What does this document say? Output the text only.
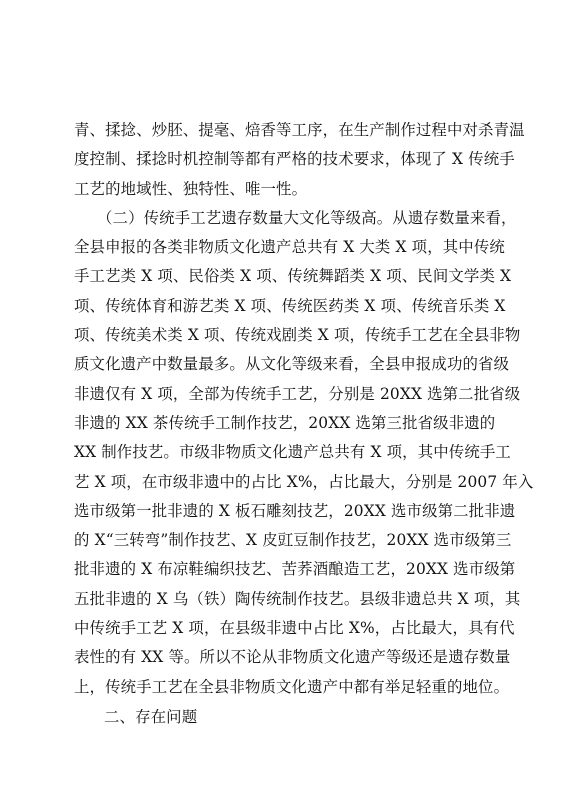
青、揉捻、炒胚、提毫、焙香等工序，在生产制作过程中对杀青温
度控制、揉捻时机控制等都有严格的技术要求，体现了 X 传统手
工艺的地域性、独特性、唯一性。
（二）传统手工艺遗存数量大文化等级高。从遗存数量来看，
全县申报的各类非物质文化遗产总共有 X 大类 X 项，其中传统
手工艺类 X 项、民俗类 X 项、传统舞蹈类 X 项、民间文学类 X
项、传统体育和游艺类 X 项、传统医药类 X 项、传统音乐类 X
项、传统美术类 X 项、传统戏剧类 X 项，传统手工艺在全县非物
质文化遗产中数量最多。从文化等级来看，全县申报成功的省级
非遗仅有 X 项，全部为传统手工艺，分别是 20XX 选第二批省级
非遗的 XX 茶传统手工制作技艺，20XX 选第三批省级非遗的
XX 制作技艺。市级非物质文化遗产总共有 X 项，其中传统手工
艺 X 项，在市级非遗中的占比 X%，占比最大，分别是 2007 年入
选市级第一批非遗的 X 板石雕刻技艺，20XX 选市级第二批非遗
的 X“三转弯”制作技艺、X 皮豇豆制作技艺，20XX 选市级第三
批非遗的 X 布凉鞋编织技艺、苦荞酒酿造工艺，20XX 选市级第
五批非遗的 X 乌（铁）陶传统制作技艺。县级非遗总共 X 项，其
中传统手工艺 X 项，在县级非遗中占比 X%，占比最大，具有代
表性的有 XX 等。所以不论从非物质文化遗产等级还是遗存数量
上，传统手工艺在全县非物质文化遗产中都有举足轻重的地位。
二、存在问题
